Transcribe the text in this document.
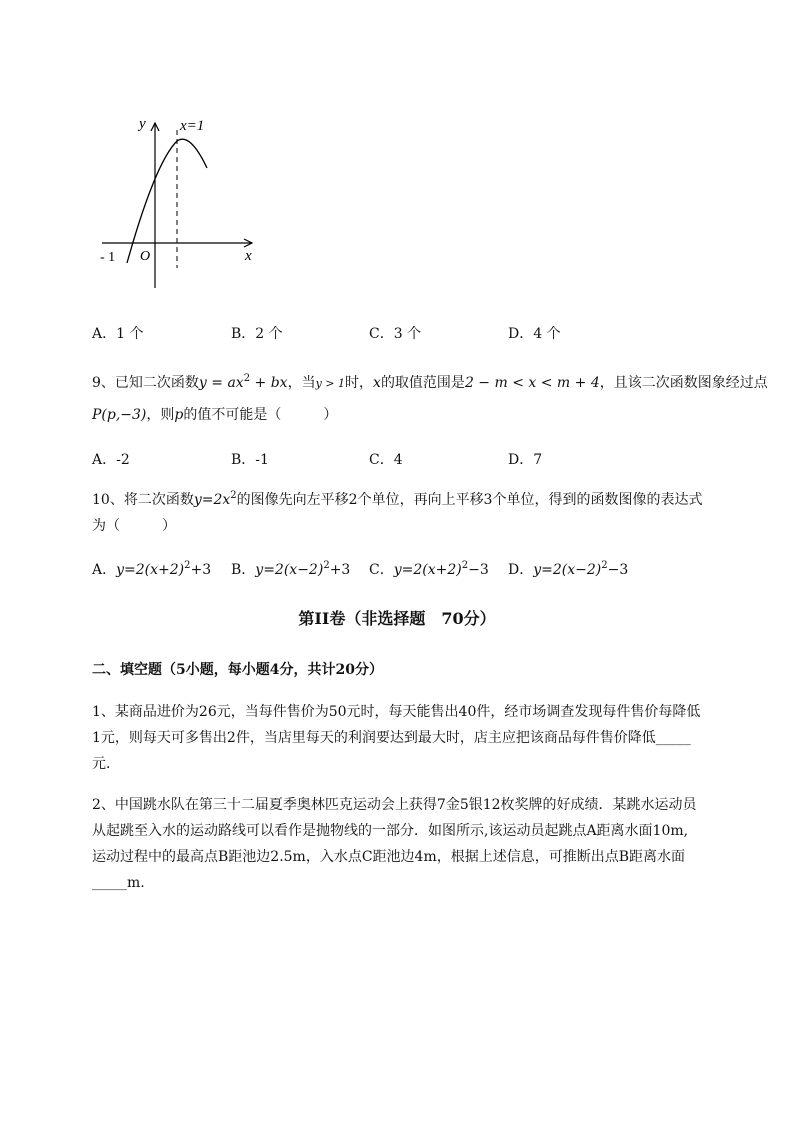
y
x
O
- 1
x=1
A．1 个	B．2 个	C．3 个	D．4 个
9、已知二次函数$y = ax^2$ + bx，当y > 1时，x的取值范围是2 − m < x < m + 4，且该二次函数图象经过点
P(p,−3)，则p的值不可能是（　　　）
A．-2	B．-1	C．4	D．7
10、将二次函数$y=2x^2$的图像先向左平移2个单位，再向上平移3个单位，得到的函数图像的表达式
为（　　　）
A．$y=2(x+2)^2+3$ B．$y=2(x-2)^2+3$ C．$y=2(x+2)^2-3$ D．$y=2(x-2)^2-3$
第II卷（非选择题　70分）
二、填空题（5小题，每小题4分，共计20分）
1、某商品进价为26元，当每件售价为50元时，每天能售出40件，经市场调查发现每件售价每降低
1元，则每天可多售出2件，当店里每天的利润要达到最大时，店主应把该商品每件售价降低_____
元．
2、中国跳水队在第三十二届夏季奥林匹克运动会上获得7金5银12枚奖牌的好成绩．某跳水运动员
从起跳至入水的运动路线可以看作是抛物线的一部分．如图所示,该运动员起跳点A距离水面10m,
运动过程中的最高点B距池边2.5m，入水点C距池边4m，根据上述信息，可推断出点B距离水面
_____m.
